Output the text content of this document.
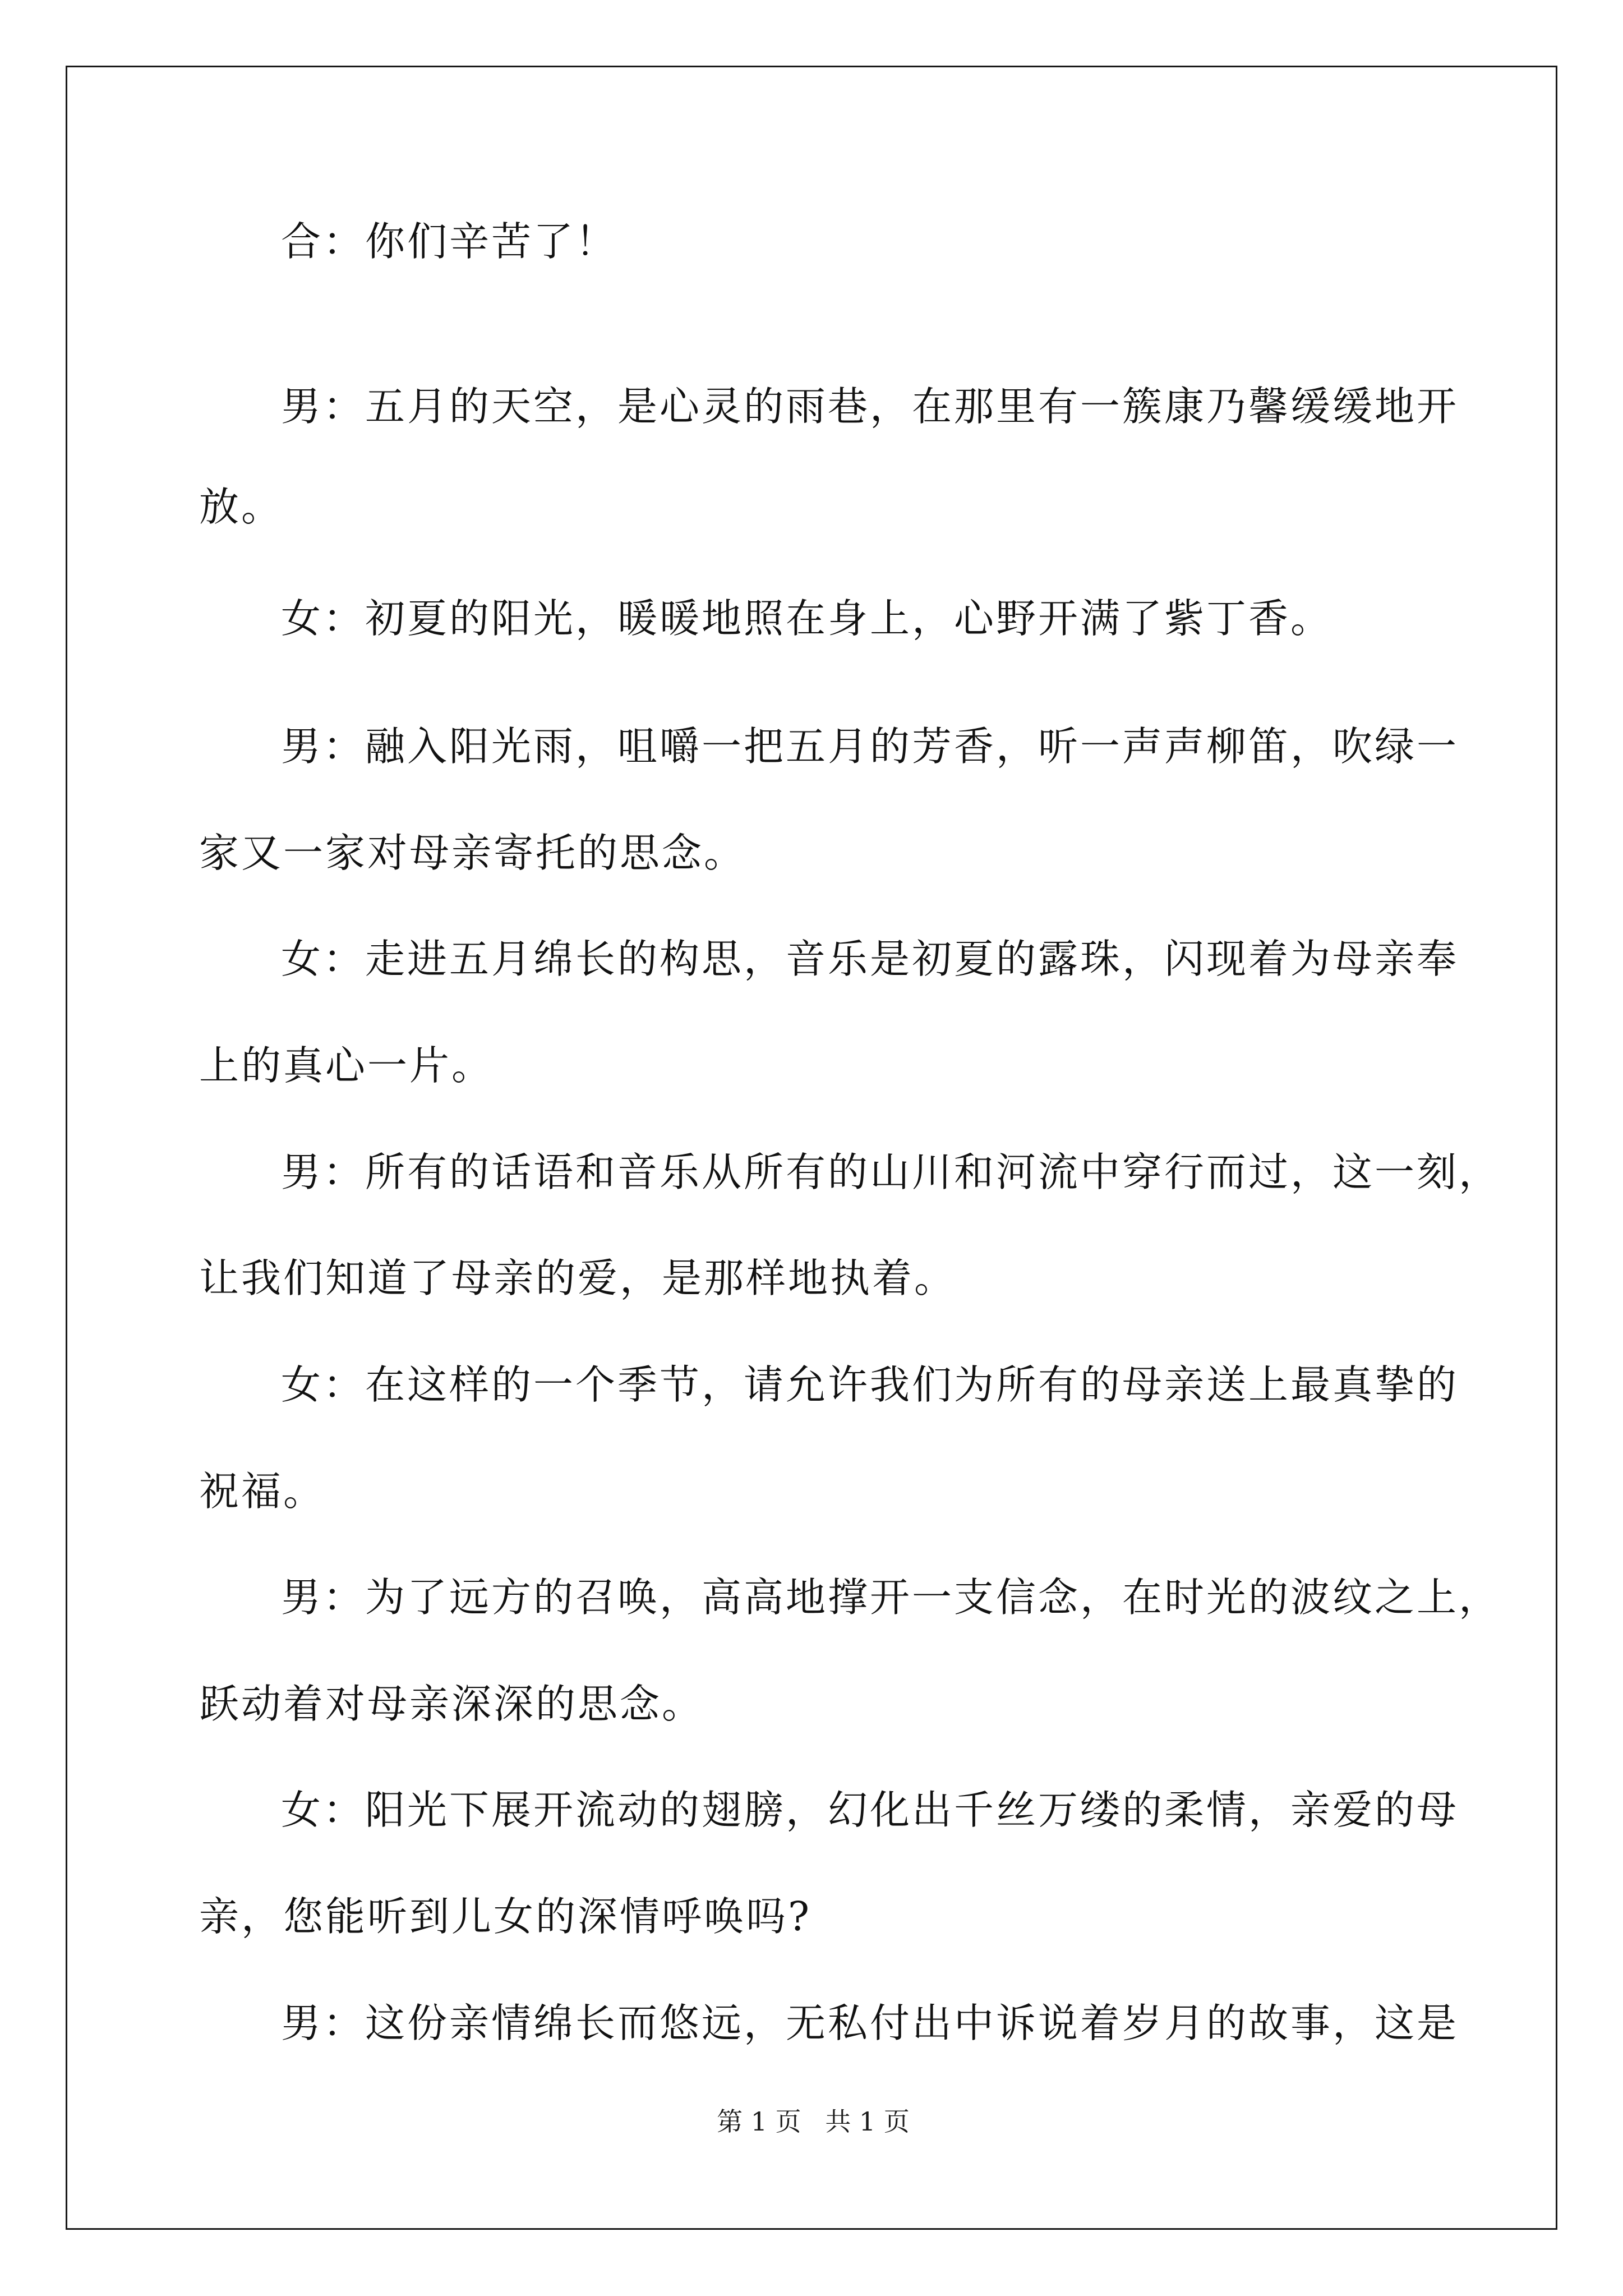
合：你们辛苦了！

男：五月的天空，是心灵的雨巷，在那里有一簇康乃馨缓缓地开

放。

女：初夏的阳光，暖暖地照在身上，心野开满了紫丁香。

男：融入阳光雨，咀嚼一把五月的芳香，听一声声柳笛，吹绿一

家又一家对母亲寄托的思念。

女：走进五月绵长的构思，音乐是初夏的露珠，闪现着为母亲奉

上的真心一片。

男：所有的话语和音乐从所有的山川和河流中穿行而过，这一刻，

让我们知道了母亲的爱，是那样地执着。

女：在这样的一个季节，请允许我们为所有的母亲送上最真挚的

祝福。

男：为了远方的召唤，高高地撑开一支信念，在时光的波纹之上，

跃动着对母亲深深的思念。

女：阳光下展开流动的翅膀，幻化出千丝万缕的柔情，亲爱的母

亲，您能听到儿女的深情呼唤吗?

男：这份亲情绵长而悠远，无私付出中诉说着岁月的故事，这是

第 1 页 共 1 页
